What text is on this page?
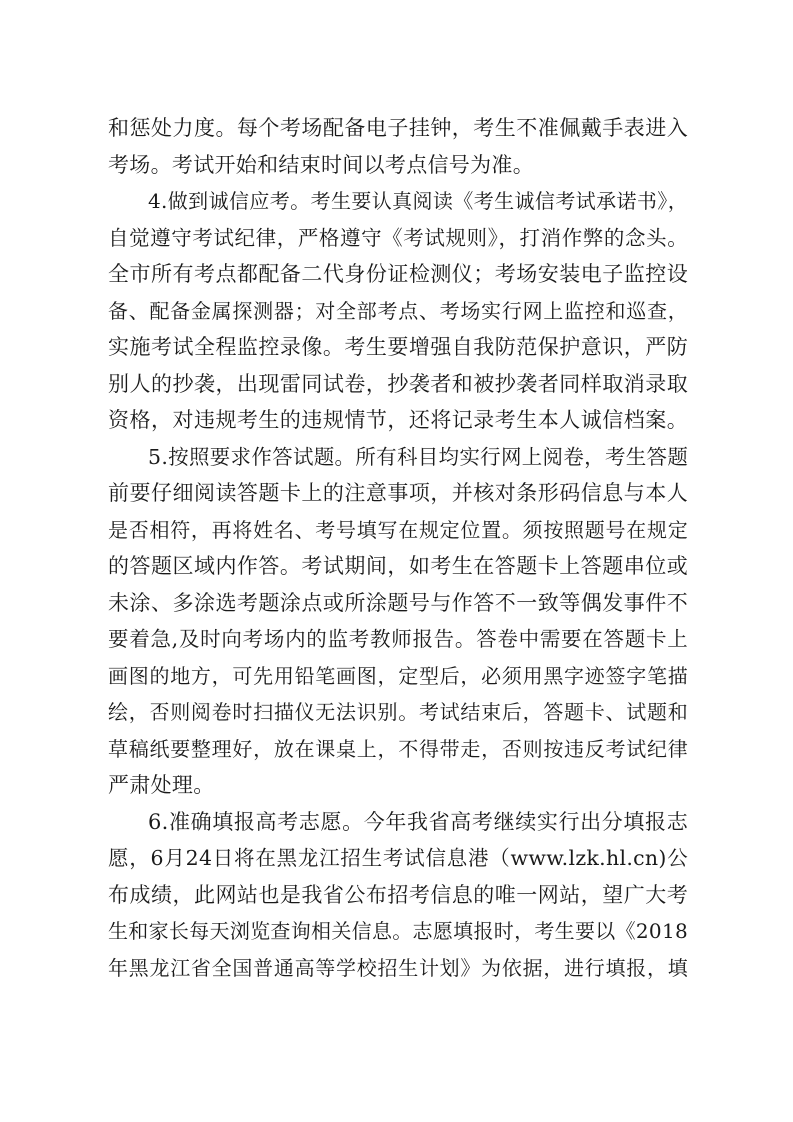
和惩处力度。每个考场配备电子挂钟，考生不准佩戴手表进入
考场。考试开始和结束时间以考点信号为准。
4.做到诚信应考。考生要认真阅读《考生诚信考试承诺书》，
自觉遵守考试纪律，严格遵守《考试规则》，打消作弊的念头。
全市所有考点都配备二代身份证检测仪；考场安装电子监控设
备、配备金属探测器；对全部考点、考场实行网上监控和巡查，
实施考试全程监控录像。考生要增强自我防范保护意识，严防
别人的抄袭，出现雷同试卷，抄袭者和被抄袭者同样取消录取
资格，对违规考生的违规情节，还将记录考生本人诚信档案。
5.按照要求作答试题。所有科目均实行网上阅卷，考生答题
前要仔细阅读答题卡上的注意事项，并核对条形码信息与本人
是否相符，再将姓名、考号填写在规定位置。须按照题号在规定
的答题区域内作答。考试期间，如考生在答题卡上答题串位或
未涂、多涂选考题涂点或所涂题号与作答不一致等偶发事件不
要着急,及时向考场内的监考教师报告。答卷中需要在答题卡上
画图的地方，可先用铅笔画图，定型后，必须用黑字迹签字笔描
绘，否则阅卷时扫描仪无法识别。考试结束后，答题卡、试题和
草稿纸要整理好，放在课桌上，不得带走，否则按违反考试纪律
严肃处理。
6.准确填报高考志愿。今年我省高考继续实行出分填报志
愿，6月24日将在黑龙江招生考试信息港（www.lzk.hl.cn)公
布成绩，此网站也是我省公布招考信息的唯一网站，望广大考
生和家长每天浏览查询相关信息。志愿填报时，考生要以《2018
年黑龙江省全国普通高等学校招生计划》为依据，进行填报，填
